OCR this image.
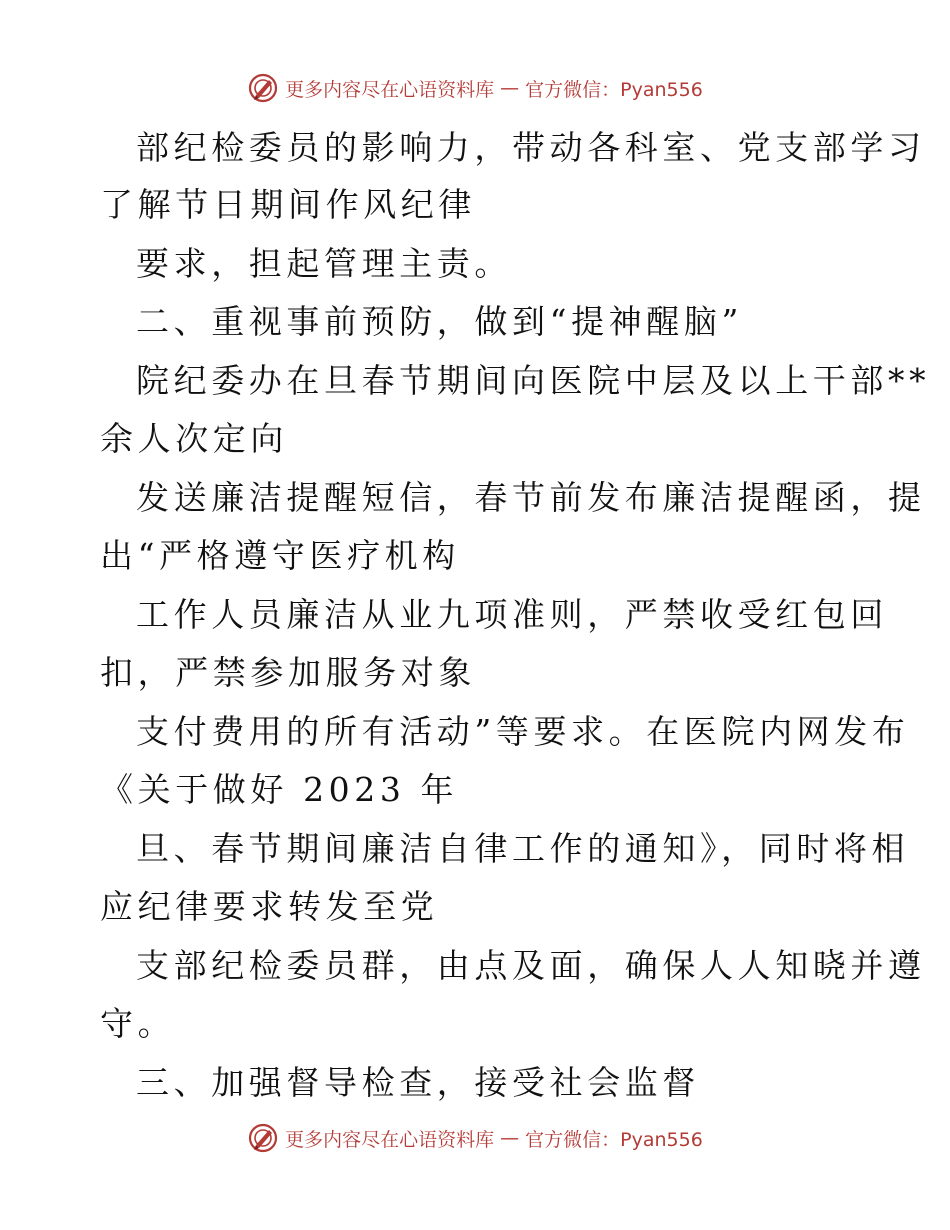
更多内容尽在心语资料库 — 官方微信：Pyan556
部纪检委员的影响力，带动各科室、党支部学习
了解节日期间作风纪律
要求，担起管理主责。
二、重视事前预防，做到“提神醒脑”
院纪委办在旦春节期间向医院中层及以上干部**
余人次定向
发送廉洁提醒短信，春节前发布廉洁提醒函，提
出“严格遵守医疗机构
工作人员廉洁从业九项准则，严禁收受红包回
扣，严禁参加服务对象
支付费用的所有活动”等要求。在医院内网发布
《关于做好 2023 年
旦、春节期间廉洁自律工作的通知》，同时将相
应纪律要求转发至党
支部纪检委员群，由点及面，确保人人知晓并遵
守。
三、加强督导检查，接受社会监督
更多内容尽在心语资料库 — 官方微信：Pyan556
